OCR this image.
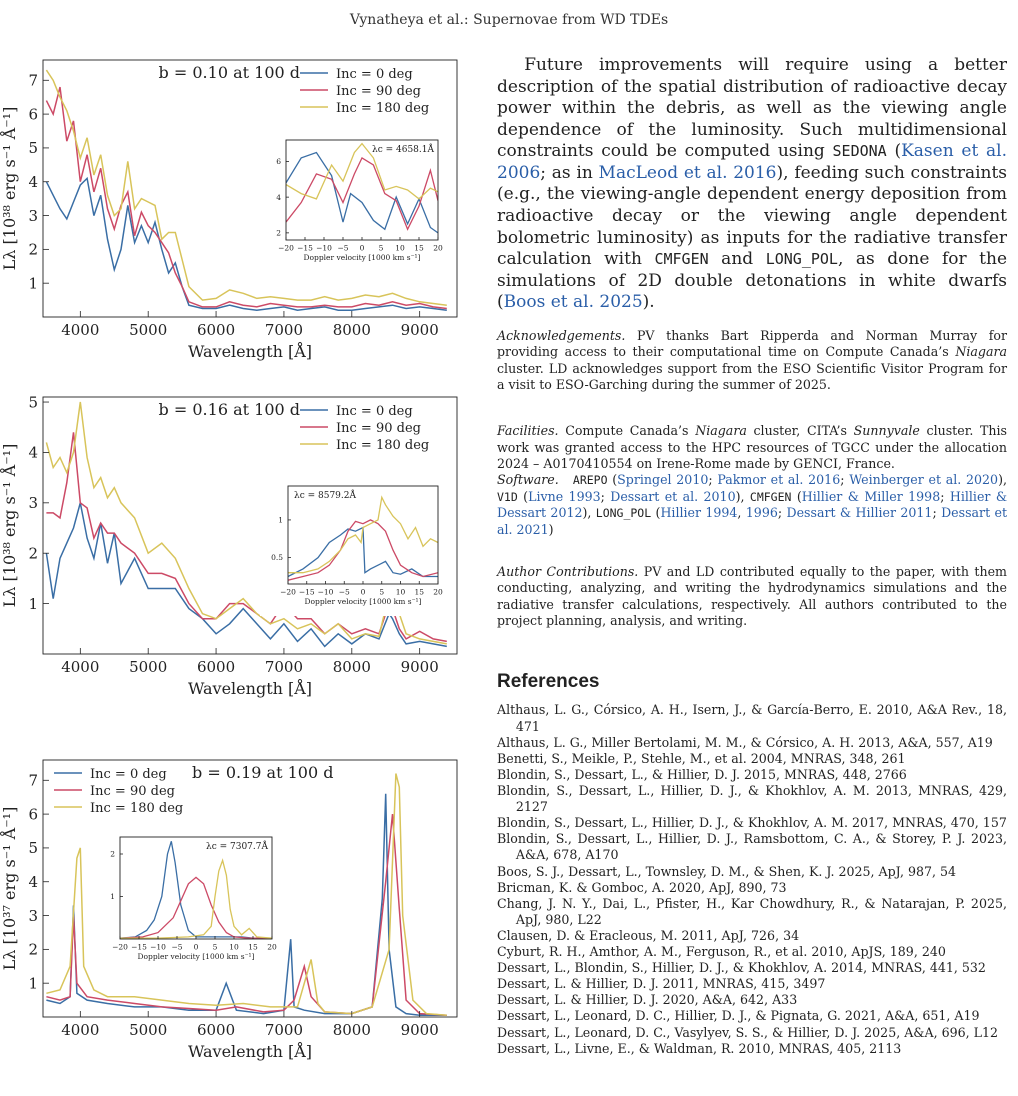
Vynatheya et al.: Supernovae from WD TDEs
4000 5000 6000 7000 8000 9000
1
2
3
4
5
6
7
Wavelength [Å]
Lλ [10³⁸ erg s⁻¹ Å⁻¹]
b = 0.10 at 100 d	Inc = 0 deg
Inc = 90 deg
Inc = 180 deg
−20 −15 −10 −5 0 5 10 15 20
2
4
6
λc = 4658.1Å
Doppler velocity [1000 km s⁻¹]
4000 5000 6000 7000 8000 9000
1
2
3
4
5
Wavelength [Å]
Lλ [10³⁸ erg s⁻¹ Å⁻¹]
b = 0.16 at 100 d	Inc = 0 deg
Inc = 90 deg
Inc = 180 deg
−20 −15 −10 −5 0 5 10 15 20
0.5
1
λc = 8579.2Å
Doppler velocity [1000 km s⁻¹]
4000 5000 6000 7000 8000 9000
1
2
3
4
5
6
7
Wavelength [Å]
Lλ [10³⁷ erg s⁻¹ Å⁻¹]
b = 0.19 at 100 d
Inc = 0 deg
Inc = 90 deg
Inc = 180 deg
−20 −15 −10 −5 0 5 10 15 20
1
2
λc = 7307.7Å
Doppler velocity [1000 km s⁻¹]

Future improvements will require using a better description of the spatial distribution of radioactive decay power within the debris, as well as the viewing angle dependence of the luminosity. Such multidimensional constraints could be computed using SEDONA (Kasen et al. 2006; as in MacLeod et al. 2016), feeding such constraints (e.g., the viewing-angle dependent energy deposition from radioactive decay or the viewing angle dependent bolometric luminosity) as inputs for the radiative transfer calculation with CMFGEN and LONG_POL, as done for the simulations of 2D double detonations in white dwarfs (Boos et al. 2025).

Acknowledgements. PV thanks Bart Ripperda and Norman Murray for providing access to their computational time on Compute Canada’s Niagara cluster. LD acknowledges support from the ESO Scientific Visitor Program for a visit to ESO-Garching during the summer of 2025.

Facilities. Compute Canada’s Niagara cluster, CITA’s Sunnyvale cluster. This work was granted access to the HPC resources of TGCC under the allocation 2024 – A0170410554 on Irene-Rome made by GENCI, France.

Software. AREPO (Springel 2010; Pakmor et al. 2016; Weinberger et al. 2020), V1D (Livne 1993; Dessart et al. 2010), CMFGEN (Hillier & Miller 1998; Hillier & Dessart 2012), LONG_POL (Hillier 1994, 1996; Dessart & Hillier 2011; Dessart et al. 2021)

Author Contributions. PV and LD contributed equally to the paper, with them conducting, analyzing, and writing the hydrodynamics simulations and the radiative transfer calculations, respectively. All authors contributed to the project planning, analysis, and writing.

References
Althaus, L. G., Córsico, A. H., Isern, J., & García-Berro, E. 2010, A&A Rev., 18, 471
Althaus, L. G., Miller Bertolami, M. M., & Córsico, A. H. 2013, A&A, 557, A19
Benetti, S., Meikle, P., Stehle, M., et al. 2004, MNRAS, 348, 261
Blondin, S., Dessart, L., & Hillier, D. J. 2015, MNRAS, 448, 2766
Blondin, S., Dessart, L., Hillier, D. J., & Khokhlov, A. M. 2013, MNRAS, 429, 2127
Blondin, S., Dessart, L., Hillier, D. J., & Khokhlov, A. M. 2017, MNRAS, 470, 157
Blondin, S., Dessart, L., Hillier, D. J., Ramsbottom, C. A., & Storey, P. J. 2023, A&A, 678, A170
Boos, S. J., Dessart, L., Townsley, D. M., & Shen, K. J. 2025, ApJ, 987, 54
Bricman, K. & Gomboc, A. 2020, ApJ, 890, 73
Chang, J. N. Y., Dai, L., Pfister, H., Kar Chowdhury, R., & Natarajan, P. 2025, ApJ, 980, L22
Clausen, D. & Eracleous, M. 2011, ApJ, 726, 34
Cyburt, R. H., Amthor, A. M., Ferguson, R., et al. 2010, ApJS, 189, 240
Dessart, L., Blondin, S., Hillier, D. J., & Khokhlov, A. 2014, MNRAS, 441, 532
Dessart, L. & Hillier, D. J. 2011, MNRAS, 415, 3497
Dessart, L. & Hillier, D. J. 2020, A&A, 642, A33
Dessart, L., Leonard, D. C., Hillier, D. J., & Pignata, G. 2021, A&A, 651, A19
Dessart, L., Leonard, D. C., Vasylyev, S. S., & Hillier, D. J. 2025, A&A, 696, L12
Dessart, L., Livne, E., & Waldman, R. 2010, MNRAS, 405, 2113
